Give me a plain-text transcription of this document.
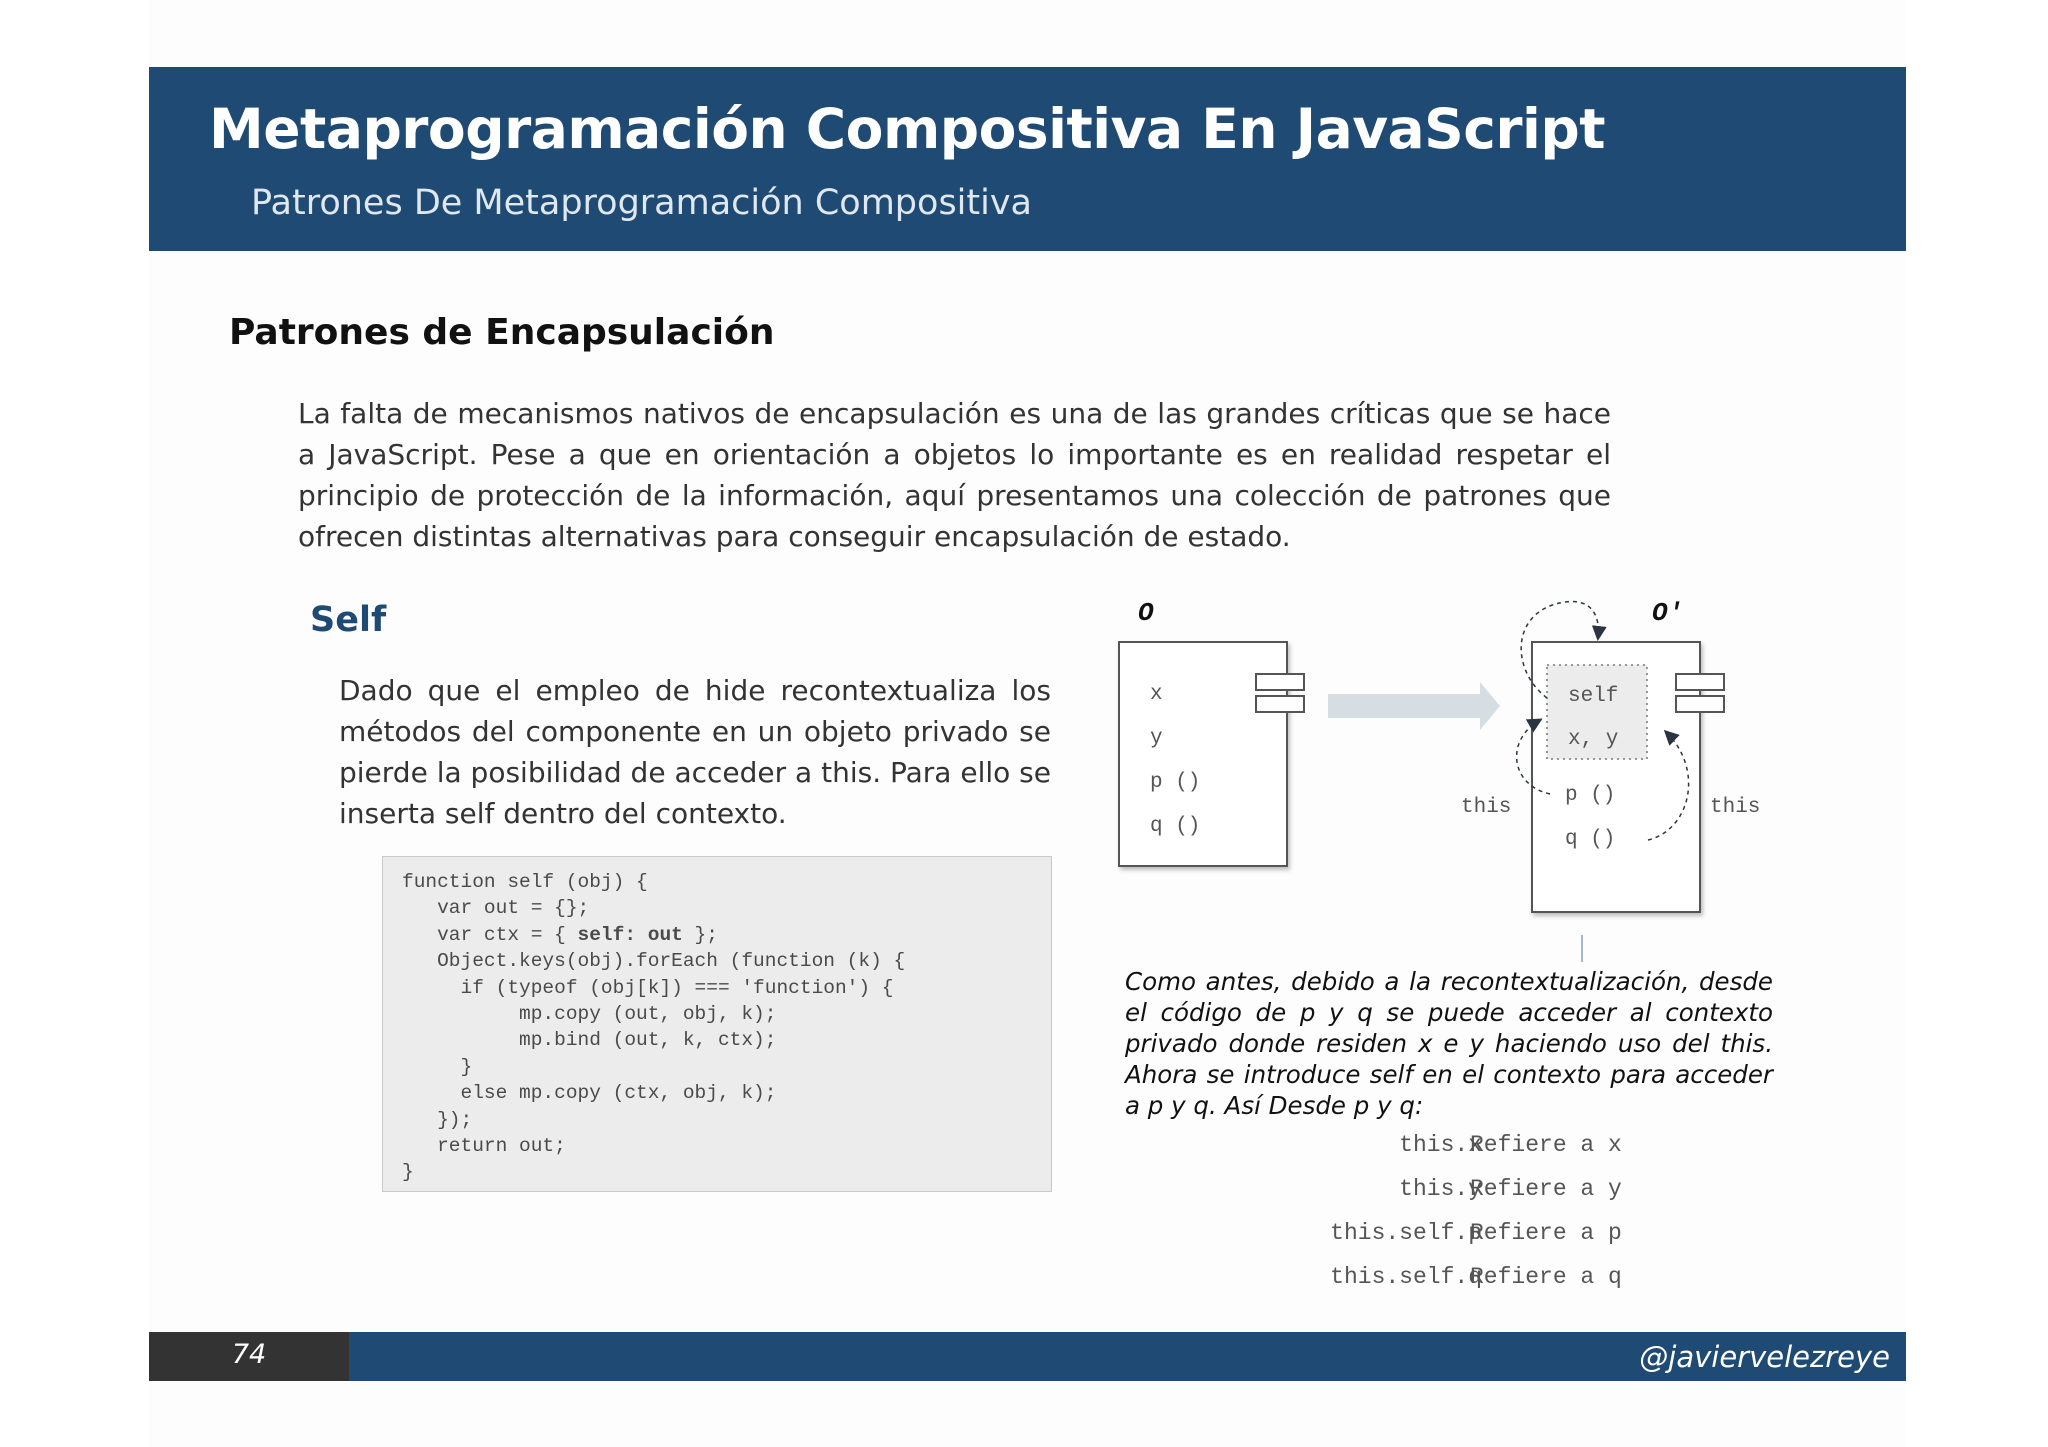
Metaprogramación Compositiva En JavaScript
Patrones De Metaprogramación Compositiva
Patrones de Encapsulación

La falta de mecanismos nativos de encapsulación es una de las grandes críticas que se hace a JavaScript. Pese a que en orientación a objetos lo importante es en realidad respetar el principio de protección de la información, aquí presentamos una colección de patrones que ofrecen distintas alternativas para conseguir encapsulación de estado.

Self

Dado que el empleo de hide recontextualiza los métodos del componente en un objeto privado se pierde la posibilidad de acceder a this. Para ello se inserta self dentro del contexto.

function self (obj) {
var out = {};
var ctx = { self: out };
Object.keys(obj).forEach (function (k) {
if (typeof (obj[k]) === 'function') {
mp.copy (out, obj, k);
mp.bind (out, k, ctx);
}
else mp.copy (ctx, obj, k);
});
return out;
}
O
x
y
p ()
q ()
O'
self
x, y
p ()
q ()
this	this

Como antes, debido a la recontextualización, desde el código de p y q se puede acceder al contexto privado donde residen x e y haciendo uso del this. Ahora se introduce self en el contexto para acceder a p y q. Así Desde p y q:

this.x
Refiere a x
this.y
Refiere a y
this.self.p
Refiere a p
this.self.q
Refiere a q
74	@javiervelezreye
